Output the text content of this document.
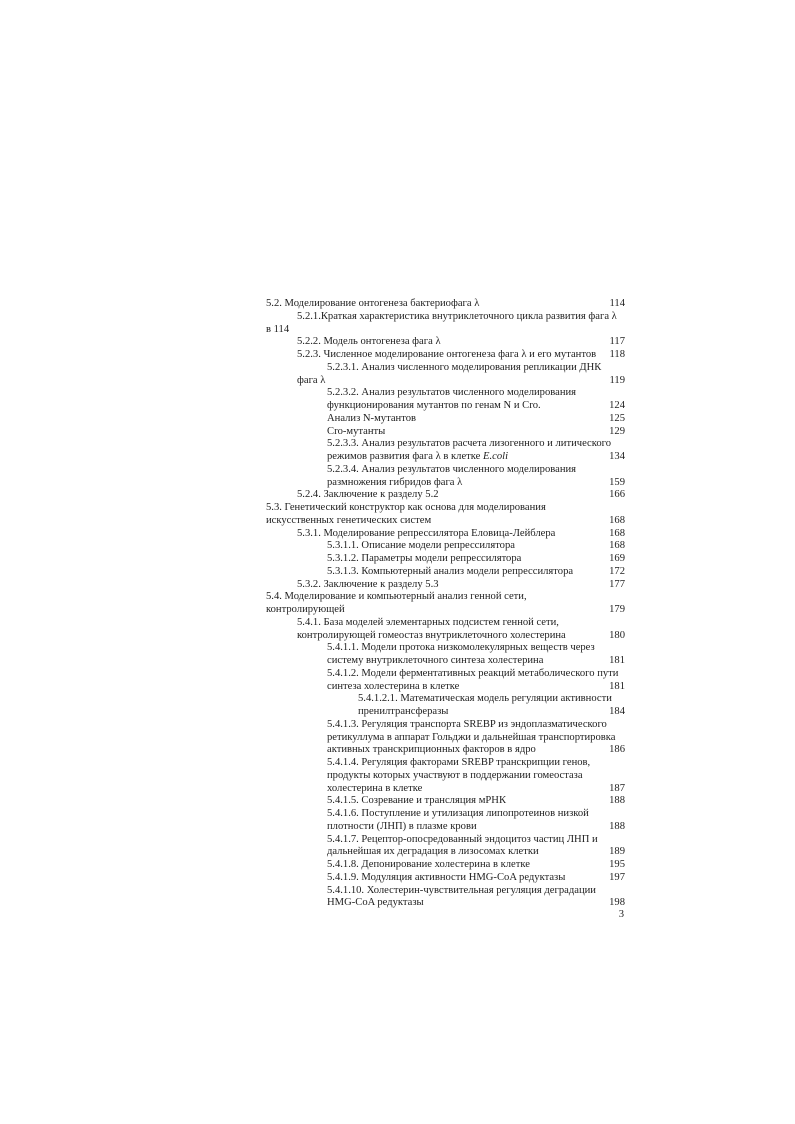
5.2. Моделирование онтогенеза бактериофага λ	114
5.2.1.Краткая характеристика внутриклеточного цикла развития фага λ
в 114
5.2.2. Модель онтогенеза фага λ	117
5.2.3. Численное моделирование онтогенеза фага λ и его мутантов	118
5.2.3.1. Анализ численного моделирования репликации ДНК
фага λ	119
5.2.3.2. Анализ результатов численного моделирования
функционирования мутантов по генам N и Cro.	124
Анализ N-мутантов	125
Cro-мутанты	129
5.2.3.3. Анализ результатов расчета лизогенного и литического
режимов развития фага λ в клетке E.coli	134
5.2.3.4. Анализ результатов численного моделирования
размножения гибридов фага λ	159
5.2.4. Заключение к разделу 5.2	166
5.3. Генетический конструктор как основа для моделирования
искусственных генетических систем	168
5.3.1. Моделирование репрессилятора Еловица-Лейблера	168
5.3.1.1. Описание модели репрессилятора	168
5.3.1.2. Параметры модели репрессилятора	169
5.3.1.3. Компьютерный анализ модели репрессилятора	172
5.3.2. Заключение к разделу 5.3	177
5.4. Моделирование и компьютерный анализ генной сети,
контролирующей	179
5.4.1. База моделей элементарных подсистем генной сети,
контролирующей гомеостаз внутриклеточного холестерина	180
5.4.1.1. Модели протока низкомолекулярных веществ через
систему внутриклеточного синтеза холестерина	181
5.4.1.2. Модели ферментативных реакций метаболического пути
синтеза холестерина в клетке	181
5.4.1.2.1. Математическая модель регуляции активности
пренилтрансферазы	184
5.4.1.3. Регуляция транспорта SREBP из эндоплазматического
ретикуллума в аппарат Гольджи и дальнейшая транспортировка
активных транскрипционных факторов в ядро	186
5.4.1.4. Регуляция факторами SREBP транскрипции генов,
продукты которых участвуют в поддержании гомеостаза
холестерина в клетке	187
5.4.1.5. Созревание и трансляция мРНК	188
5.4.1.6. Поступление и утилизация липопротеинов низкой
плотности (ЛНП) в плазме крови	188
5.4.1.7. Рецептор-опосредованный эндоцитоз частиц ЛНП и
дальнейшая их деградация в лизосомах клетки	189
5.4.1.8. Депонирование холестерина в клетке	195
5.4.1.9. Модуляция активности HMG-CoA редуктазы	197
5.4.1.10. Холестерин-чувствительная регуляция деградации
HMG-CoA редуктазы	198
3
